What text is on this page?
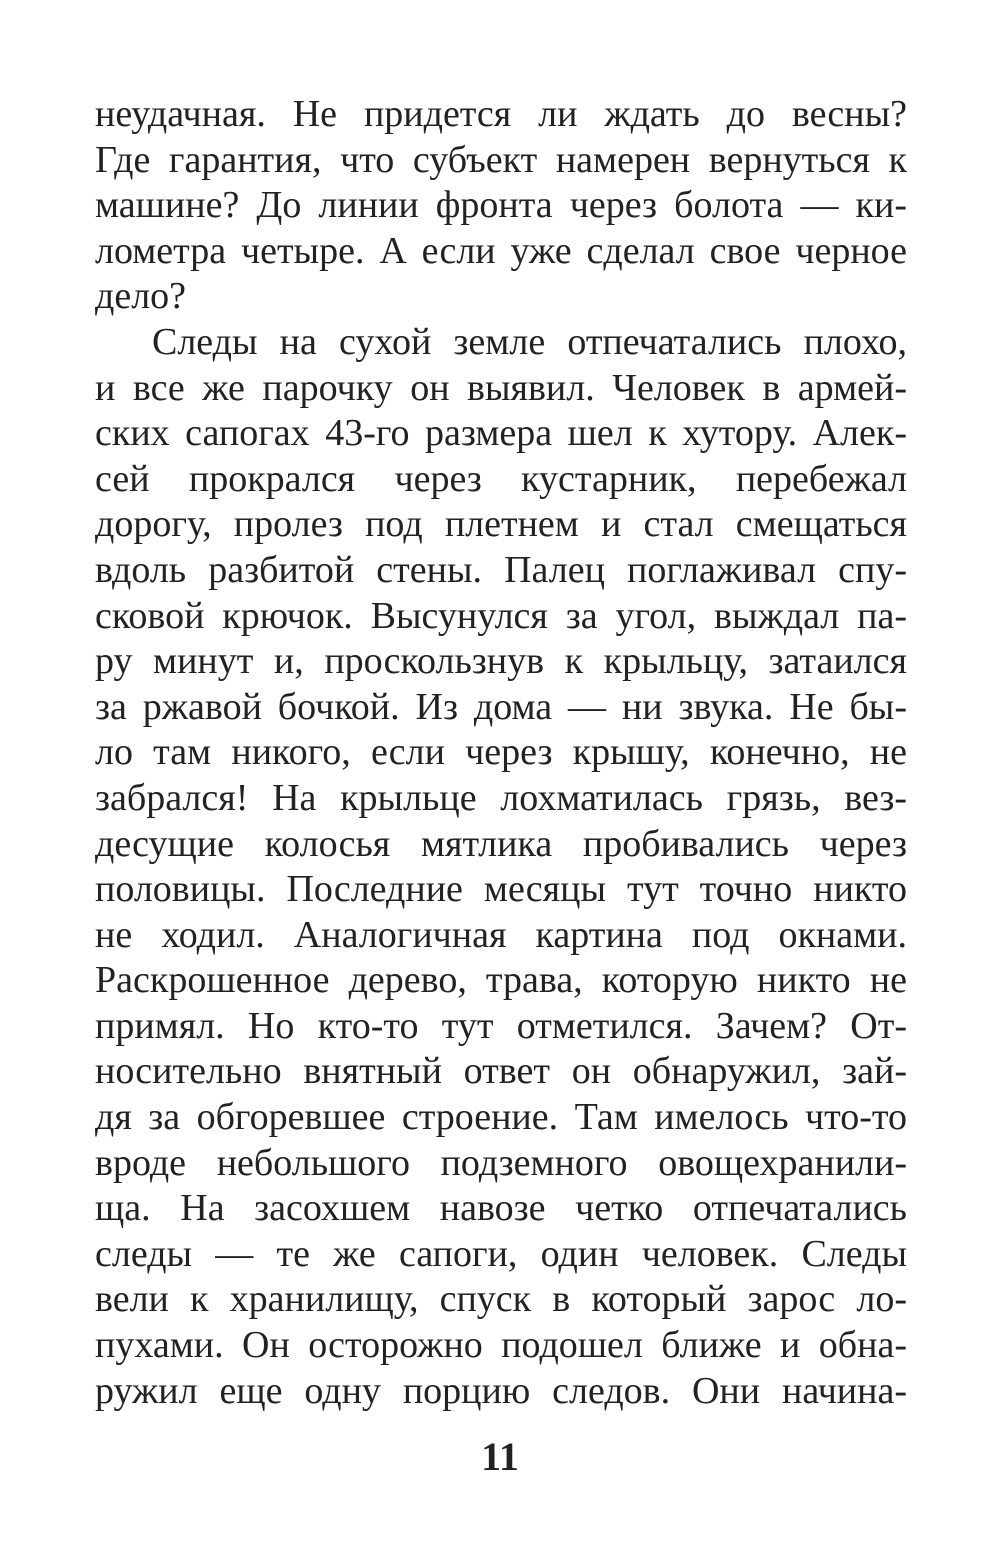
неудачная. Не придется ли ждать до весны?
Где гарантия, что субъект намерен вернуться к
машине? До линии фронта через болота — ки-
лометра четыре. А если уже сделал свое черное
дело?
Следы на сухой земле отпечатались плохо,
и все же парочку он выявил. Человек в армей-
ских сапогах 43-го размера шел к хутору. Алек-
сей прокрался через кустарник, перебежал
дорогу, пролез под плетнем и стал смещаться
вдоль разбитой стены. Палец поглаживал спу-
сковой крючок. Высунулся за угол, выждал па-
ру минут и, проскользнув к крыльцу, затаился
за ржавой бочкой. Из дома — ни звука. Не бы-
ло там никого, если через крышу, конечно, не
забрался! На крыльце лохматилась грязь, вез-
десущие колосья мятлика пробивались через
половицы. Последние месяцы тут точно никто
не ходил. Аналогичная картина под окнами.
Раскрошенное дерево, трава, которую никто не
примял. Но кто-то тут отметился. Зачем? От-
носительно внятный ответ он обнаружил, зай-
дя за обгоревшее строение. Там имелось что-то
вроде небольшого подземного овощехранили-
ща. На засохшем навозе четко отпечатались
следы — те же сапоги, один человек. Следы
вели к хранилищу, спуск в который зарос ло-
пухами. Он осторожно подошел ближе и обна-
ружил еще одну порцию следов. Они начина-
11
